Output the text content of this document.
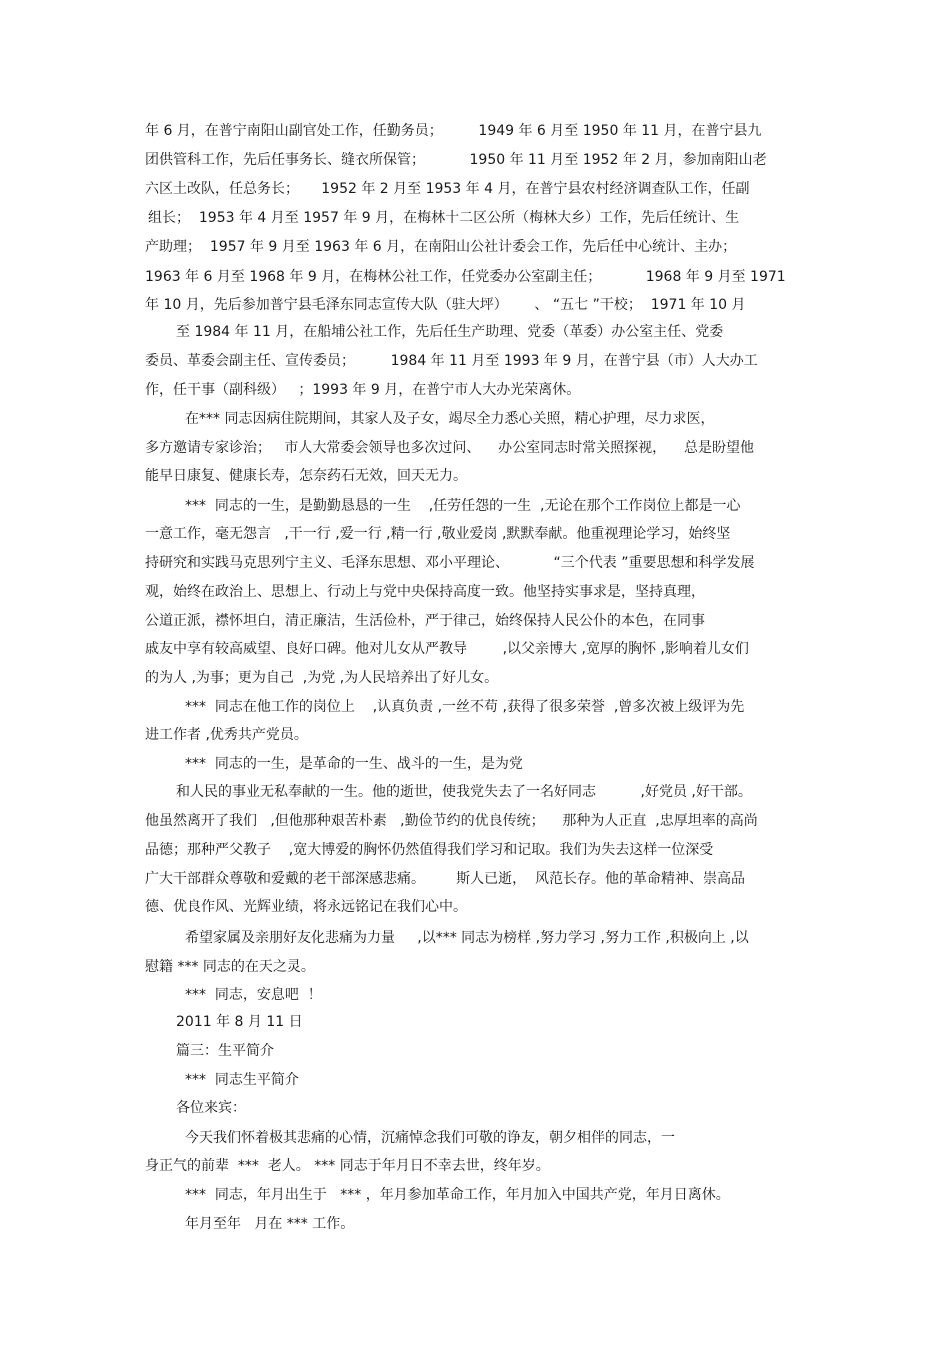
年 6 月，在普宁南阳山副官处工作，任勤务员；        1949 年 6 月至 1950 年 11 月，在普宁县九
团供管科工作，先后任事务长、缝衣所保管；          1950 年 11 月至 1952 年 2 月，参加南阳山老
六区土改队，任总务长；     1952 年 2 月至 1953 年 4 月，在普宁县农村经济调查队工作，任副
组长；  1953 年 4 月至 1957 年 9 月，在梅林十二区公所（梅林大乡）工作，先后任统计、生
产助理；  1957 年 9 月至 1963 年 6 月，在南阳山公社计委会工作，先后任中心统计、主办；
1963 年 6 月至 1968 年 9 月，在梅林公社工作，任党委办公室副主任；          1968 年 9 月至 1971
年 10 月，先后参加普宁县毛泽东同志宣传大队（驻大坪）      、 “五七 ”干校；  1971 年 10 月
至 1984 年 11 月，在船埔公社工作，先后任生产助理、党委（革委）办公室主任、党委
委员、革委会副主任、宣传委员；        1984 年 11 月至 1993 年 9 月，在普宁县（市）人大办工
作，任干事（副科级）   ；1993 年 9 月，在普宁市人大办光荣离休。
在*** 同志因病住院期间，其家人及子女，竭尽全力悉心关照，精心护理，尽力求医，
多方邀请专家诊治；   市人大常委会领导也多次过问、    办公室同志时常关照探视，    总是盼望他
能早日康复、健康长寿，怎奈药石无效，回天无力。
***  同志的一生，是勤勤恳恳的一生    ,任劳任怨的一生  ,无论在那个工作岗位上都是一心
一意工作，毫无怨言   ,干一行 ,爱一行 ,精一行 ,敬业爱岗 ,默默奉献。他重视理论学习，始终坚
持研究和实践马克思列宁主义、毛泽东思想、邓小平理论、          “三个代表 ”重要思想和科学发展
观，始终在政治上、思想上、行动上与党中央保持高度一致。他坚持实事求是，坚持真理，
公道正派，襟怀坦白，清正廉洁，生活俭朴，严于律己，始终保持人民公仆的本色，在同事
戚友中享有较高威望、良好口碑。他对儿女从严教导        ,以父亲博大 ,宽厚的胸怀 ,影响着儿女们
的为人 ,为事；更为自己  ,为党 ,为人民培养出了好儿女。
***  同志在他工作的岗位上    ,认真负责 ,一丝不苟 ,获得了很多荣誉  ,曾多次被上级评为先
进工作者 ,优秀共产党员。
***  同志的一生，是革命的一生、战斗的一生，是为党
和人民的事业无私奉献的一生。他的逝世，使我党失去了一名好同志          ,好党员 ,好干部。
他虽然离开了我们   ,但他那种艰苦朴素   ,勤俭节约的优良传统；    那种为人正直  ,忠厚坦率的高尚
品德；那种严父教子    ,宽大博爱的胸怀仍然值得我们学习和记取。我们为失去这样一位深受
广大干部群众尊敬和爱戴的老干部深感悲痛。       斯人已逝，  风范长存。他的革命精神、崇高品
德、优良作风、光辉业绩，将永远铭记在我们心中。
希望家属及亲朋好友化悲痛为力量     ,以*** 同志为榜样 ,努力学习 ,努力工作 ,积极向上 ,以
慰籍 *** 同志的在天之灵。
***  同志，安息吧  ！
2011 年 8 月 11 日
篇三：生平简介
***  同志生平简介
各位来宾：
今天我们怀着极其悲痛的心情，沉痛悼念我们可敬的诤友，朝夕相伴的同志，一
身正气的前辈  ***  老人。 *** 同志于年月日不幸去世，终年岁。
***  同志，年月出生于   *** ，年月参加革命工作，年月加入中国共产党，年月日离休。
年月至年   月在 *** 工作。
